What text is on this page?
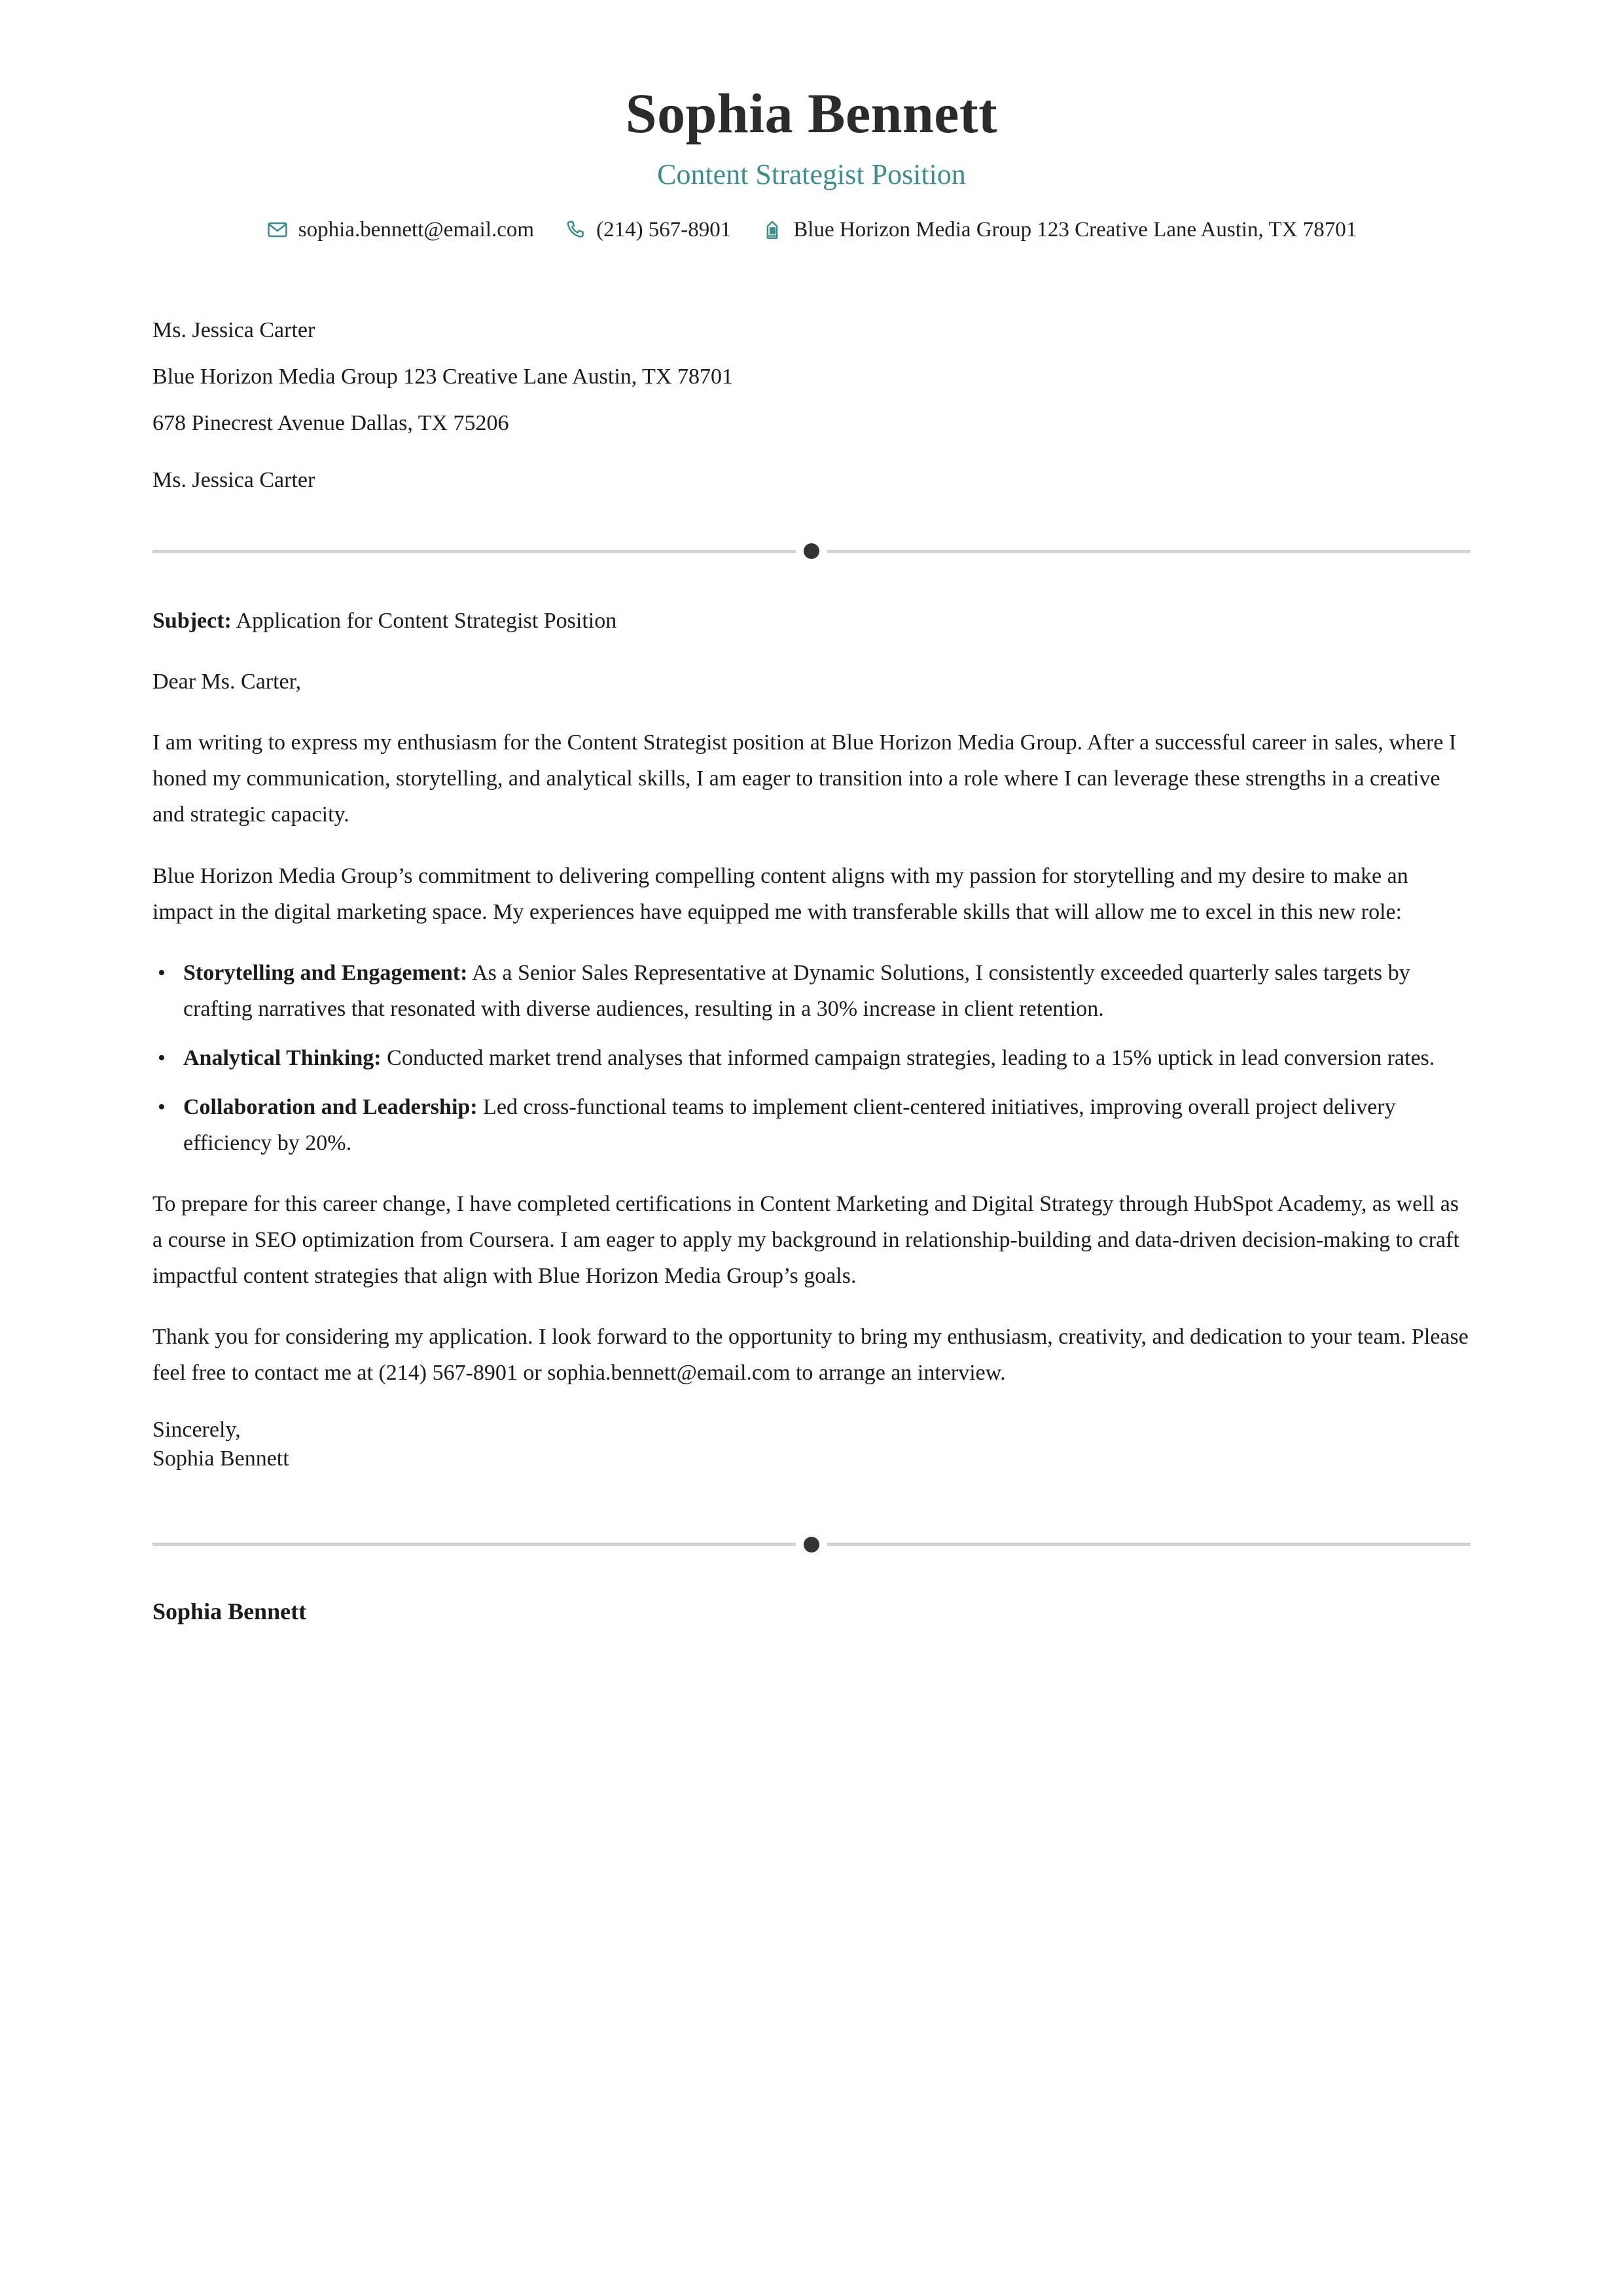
Sophia Bennett
Content Strategist Position
sophia.bennett@email.com	(214) 567-8901	Blue Horizon Media Group 123 Creative Lane Austin, TX 78701

Ms. Jessica Carter

Blue Horizon Media Group 123 Creative Lane Austin, TX 78701

678 Pinecrest Avenue Dallas, TX 75206

Ms. Jessica Carter

Subject: Application for Content Strategist Position

Dear Ms. Carter,

I am writing to express my enthusiasm for the Content Strategist position at Blue Horizon Media Group. After a successful career in sales, where I honed my communication, storytelling, and analytical skills, I am eager to transition into a role where I can leverage these strengths in a creative and strategic capacity.

Blue Horizon Media Group’s commitment to delivering compelling content aligns with my passion for storytelling and my desire to make an impact in the digital marketing space. My experiences have equipped me with transferable skills that will allow me to excel in this new role:

• Storytelling and Engagement: As a Senior Sales Representative at Dynamic Solutions, I consistently exceeded quarterly sales targets by crafting narratives that resonated with diverse audiences, resulting in a 30% increase in client retention.
• Analytical Thinking: Conducted market trend analyses that informed campaign strategies, leading to a 15% uptick in lead conversion rates.
• Collaboration and Leadership: Led cross-functional teams to implement client-centered initiatives, improving overall project delivery efficiency by 20%.

To prepare for this career change, I have completed certifications in Content Marketing and Digital Strategy through HubSpot Academy, as well as a course in SEO optimization from Coursera. I am eager to apply my background in relationship-building and data-driven decision-making to craft impactful content strategies that align with Blue Horizon Media Group’s goals.

Thank you for considering my application. I look forward to the opportunity to bring my enthusiasm, creativity, and dedication to your team. Please feel free to contact me at (214) 567-8901 or sophia.bennett@email.com to arrange an interview.

Sincerely,

Sophia Bennett

Sophia Bennett
